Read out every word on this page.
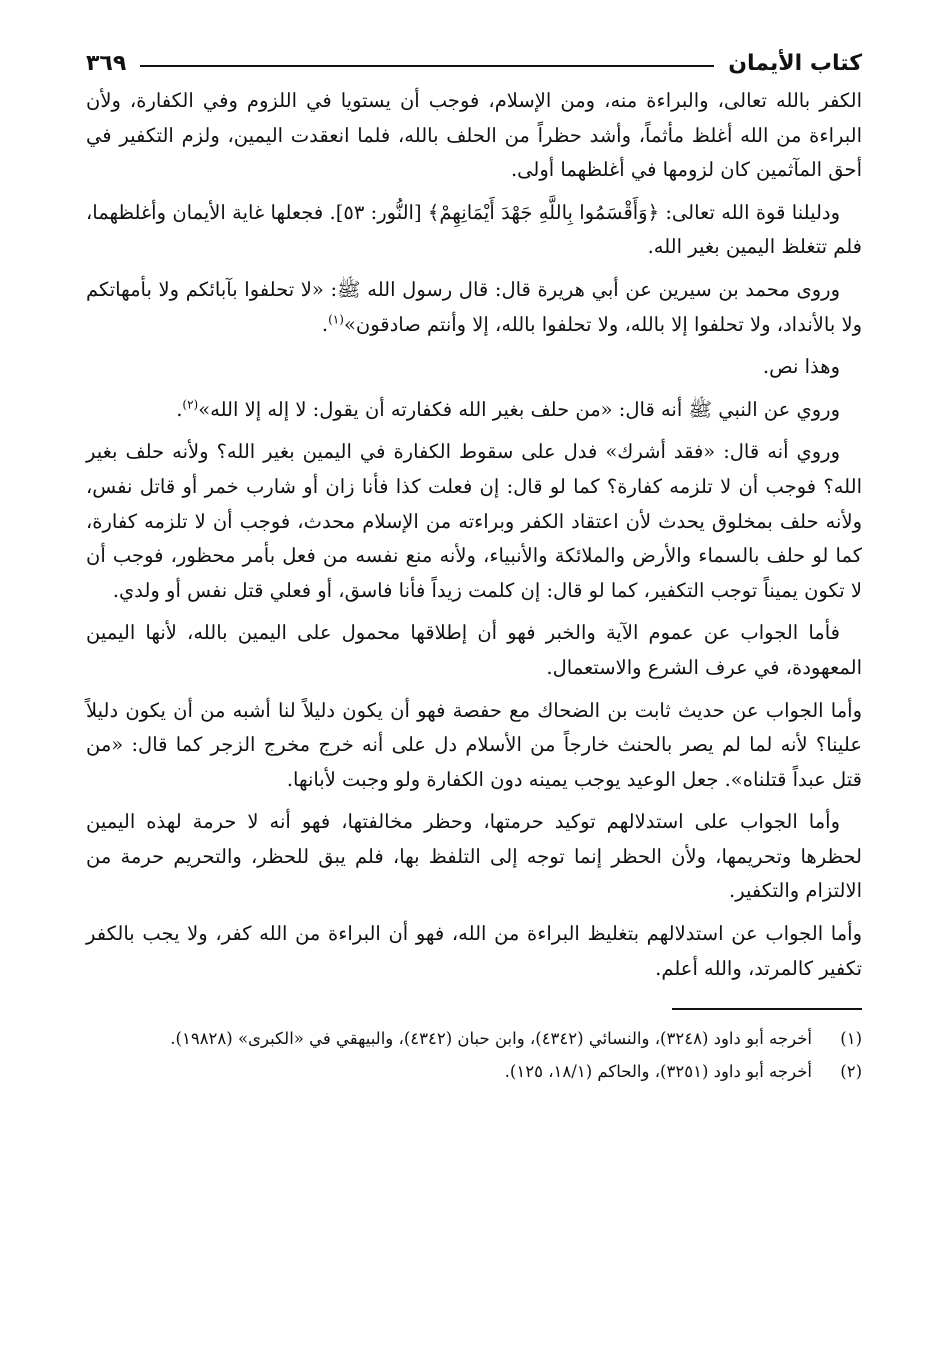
كتاب الأيمان
٣٦٩

الكفر بالله تعالى، والبراءة منه، ومن الإسلام، فوجب أن يستويا في اللزوم وفي الكفارة، ولأن البراءة من الله أغلظ مأثماً، وأشد حظراً من الحلف بالله، فلما انعقدت اليمين، ولزم التكفير في أحق المآثمين كان لزومها في أغلظهما أولى.

ودليلنا قوة الله تعالى: ﴿وَأَقْسَمُوا بِاللَّهِ جَهْدَ أَيْمَانِهِمْ﴾ [النُّور: ٥٣]. فجعلها غاية الأيمان وأغلظهما، فلم تتغلظ اليمين بغير الله.

وروى محمد بن سيرين عن أبي هريرة قال: قال رسول الله ﷺ: «لا تحلفوا بآبائكم ولا بأمهاتكم ولا بالأنداد، ولا تحلفوا إلا بالله، ولا تحلفوا بالله، إلا وأنتم صادقون»$^{(١)}$.

وهذا نص.

وروي عن النبي ﷺ أنه قال: «من حلف بغير الله فكفارته أن يقول: لا إله إلا الله»$^{(٢)}$.

وروي أنه قال: «فقد أشرك» فدل على سقوط الكفارة في اليمين بغير الله؟ ولأنه حلف بغير الله؟ فوجب أن لا تلزمه كفارة؟ كما لو قال: إن فعلت كذا فأنا زان أو شارب خمر أو قاتل نفس، ولأنه حلف بمخلوق يحدث لأن اعتقاد الكفر وبراءته من الإسلام محدث، فوجب أن لا تلزمه كفارة، كما لو حلف بالسماء والأرض والملائكة والأنبياء، ولأنه منع نفسه من فعل بأمر محظور، فوجب أن لا تكون يميناً توجب التكفير، كما لو قال: إن كلمت زيداً فأنا فاسق، أو فعلي قتل نفس أو ولدي.

فأما الجواب عن عموم الآية والخبر فهو أن إطلاقها محمول على اليمين بالله، لأنها اليمين المعهودة، في عرف الشرع والاستعمال.

وأما الجواب عن حديث ثابت بن الضحاك مع حفصة فهو أن يكون دليلاً لنا أشبه من أن يكون دليلاً علينا؟ لأنه لما لم يصر بالحنث خارجاً من الأسلام دل على أنه خرج مخرج الزجر كما قال: «من قتل عبداً قتلناه». جعل الوعيد يوجب يمينه دون الكفارة ولو وجبت لأبانها.

وأما الجواب على استدلالهم توكيد حرمتها، وحظر مخالفتها، فهو أنه لا حرمة لهذه اليمين لحظرها وتحريمها، ولأن الحظر إنما توجه إلى التلفظ بها، فلم يبق للحظر، والتحريم حرمة من الالتزام والتكفير.

وأما الجواب عن استدلالهم بتغليظ البراءة من الله، فهو أن البراءة من الله كفر، ولا يجب بالكفر تكفير كالمرتد، والله أعلم.

(١)
أخرجه أبو داود (٣٢٤٨)، والنسائي (٤٣٤٢)، وابن حبان (٤٣٤٢)، والبيهقي في «الكبرى» (١٩٨٢٨).
(٢)
أخرجه أبو داود (٣٢٥١)، والحاكم (١٨/١، ١٢٥).
